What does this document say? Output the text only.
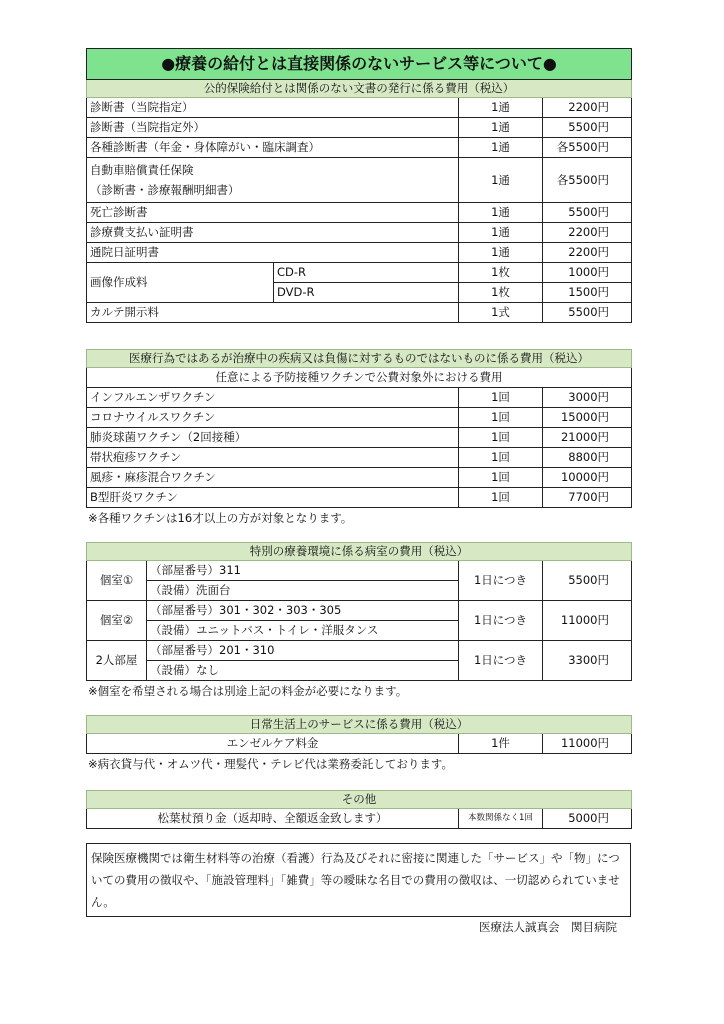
●療養の給付とは直接関係のないサービス等について●			
公的保険給付とは関係のない文書の発行に係る費用（税込）			
診断書（当院指定）		1通	2200円
診断書（当院指定外）		1通	5500円
各種診断書（年金・身体障がい・臨床調査）		1通	各5500円

自動車賠償責任保険
（診断書・診療報酬明細書）		1通	各5500円
死亡診断書		1通	5500円
診療費支払い証明書		1通	2200円
通院日証明書		1通	2200円
画像作成料	CD-R	1枚	1000円
	DVD-R	1枚	1500円
カルテ開示料		1式	5500円
医療行為ではあるが治療中の疾病又は負傷に対するものではないものに係る費用（税込）		
任意による予防接種ワクチンで公費対象外における費用		
インフルエンザワクチン	1回	3000円
コロナウイルスワクチン	1回	15000円
肺炎球菌ワクチン（2回接種）	1回	21000円
帯状疱疹ワクチン	1回	8800円
風疹・麻疹混合ワクチン	1回	10000円
B型肝炎ワクチン	1回	7700円
※各種ワクチンは16才以上の方が対象となります。
特別の療養環境に係る病室の費用（税込）			
個室①	（部屋番号）311	1日につき	5500円
	（設備）洗面台		
個室②	（部屋番号）301・302・303・305	1日につき	11000円
	（設備）ユニットバス・トイレ・洋服タンス		
2人部屋	（部屋番号）201・310	1日につき	3300円
	（設備）なし		
※個室を希望される場合は別途上記の料金が必要になります。
日常生活上のサービスに係る費用（税込）
エンゼルケア料金	1件	11000円
※病衣貸与代・オムツ代・理髪代・テレビ代は業務委託しております。
その他
松葉杖預り金（返却時、全額返金致します）	本数関係なく1回	5000円
保険医療機関では衛生材料等の治療（看護）行為及びそれに密接に関連した「サービス」や「物」についての費用の徴収や、「施設管理料」「雑費」等の曖昧な名目での費用の徴収は、一切認められていません。
医療法人誠真会　関目病院
